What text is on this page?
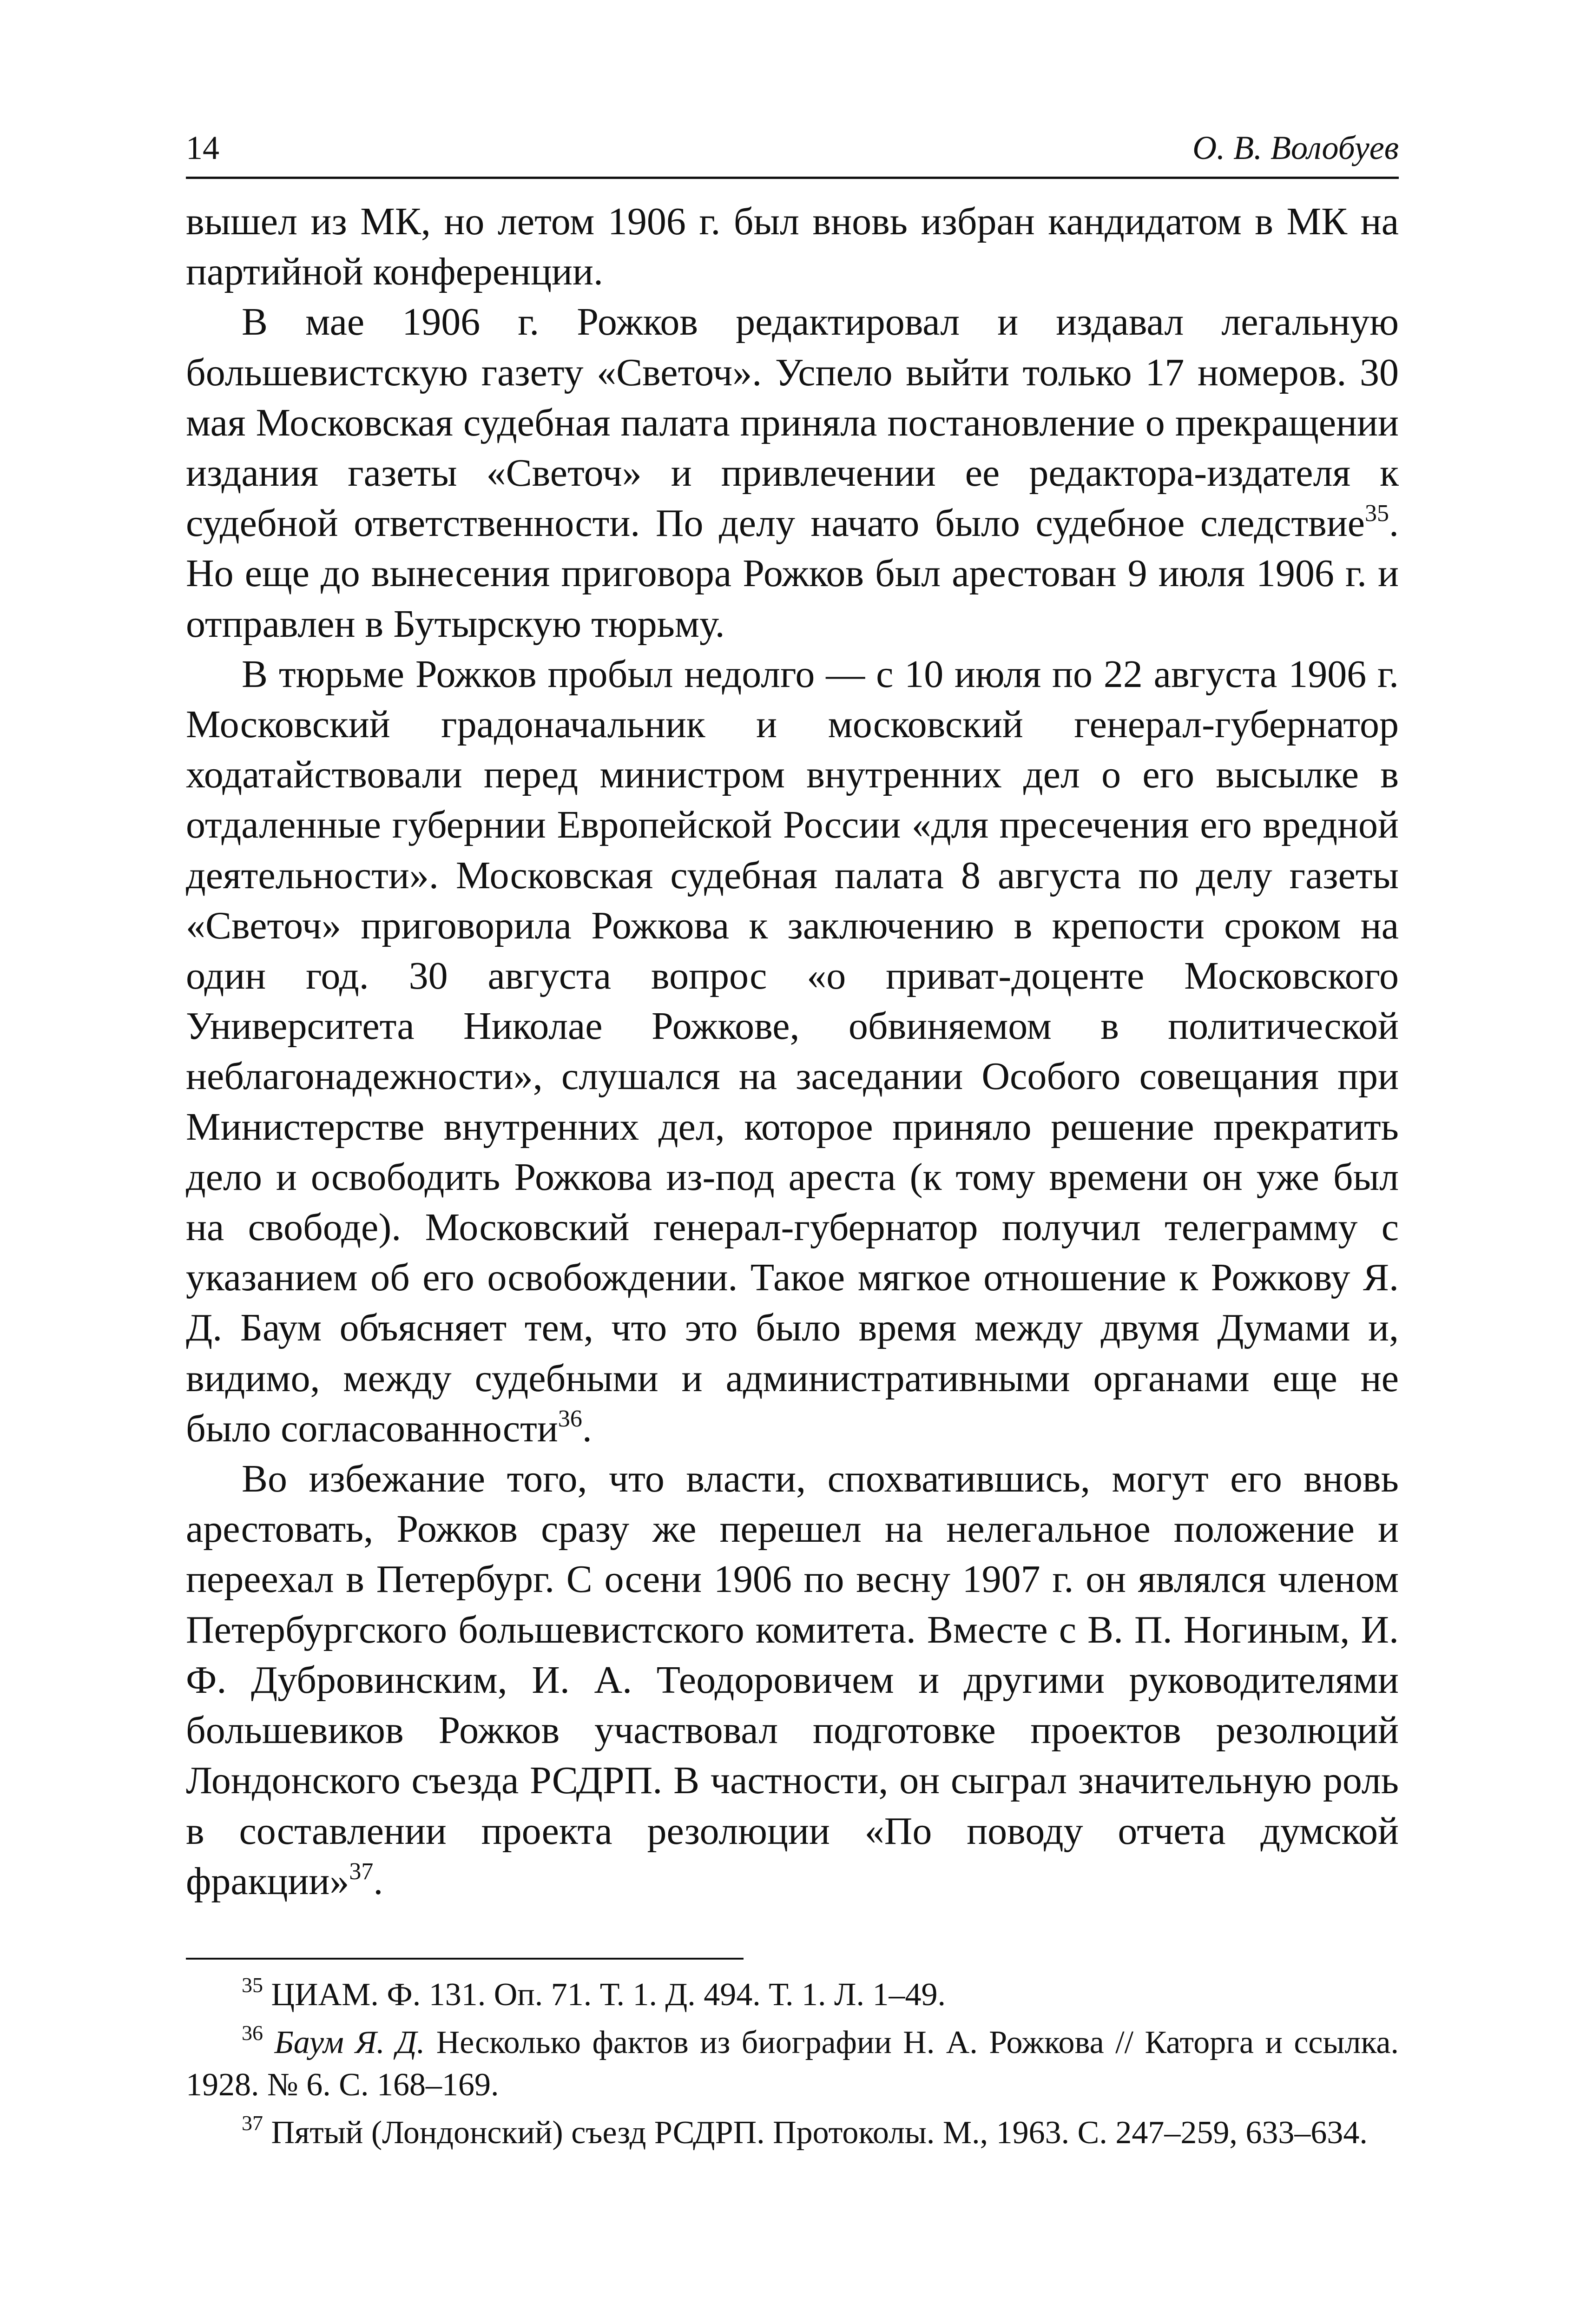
14	О. В. Волобуев

вышел из МК, но летом 1906 г. был вновь избран кандидатом в МК на партийной конференции.

В мае 1906 г. Рожков редактировал и издавал легальную большевистскую газету «Светоч». Успело выйти только 17 номеров. 30 мая Московская судебная палата приняла постановление о прекращении издания газеты «Светоч» и привлечении ее редактора-издателя к судебной ответственности. По делу начато было судебное следствие$^{35}$. Но еще до вынесения приговора Рожков был арестован 9 июля 1906 г. и отправлен в Бутырскую тюрьму.

В тюрьме Рожков пробыл недолго — с 10 июля по 22 августа 1906 г. Московский градоначальник и московский генерал-губернатор ходатайствовали перед министром внутренних дел о его высылке в отдаленные губернии Европейской России «для пресечения его вредной деятельности». Московская судебная палата 8 августа по делу газеты «Светоч» приговорила Рожкова к заключению в крепости сроком на один год. 30 августа вопрос «о приват-доценте Московского Университета Николае Рожкове, обвиняемом в политической неблагонадежности», слушался на заседании Особого совещания при Министерстве внутренних дел, которое приняло решение прекратить дело и освободить Рожкова из-под ареста (к тому времени он уже был на свободе). Московский генерал-губернатор получил телеграмму с указанием об его освобождении. Такое мягкое отношение к Рожкову Я. Д. Баум объясняет тем, что это было время между двумя Думами и, видимо, между судебными и административными органами еще не было согласованности$^{36}$.

Во избежание того, что власти, спохватившись, могут его вновь арестовать, Рожков сразу же перешел на нелегальное положение и переехал в Петербург. С осени 1906 по весну 1907 г. он являлся членом Петербургского большевистского комитета. Вместе с В. П. Ногиным, И. Ф. Дубровинским, И. А. Теодоровичем и другими руководителями большевиков Рожков участвовал подготовке проектов резолюций Лондонского съезда РСДРП. В частности, он сыграл значительную роль в составлении проекта резолюции «По поводу отчета думской фракции»$^{37}$.

$^{35}$ ЦИАМ. Ф. 131. Оп. 71. Т. 1. Д. 494. Т. 1. Л. 1–49.

$^{36}$ Баум Я. Д. Несколько фактов из биографии Н. А. Рожкова // Каторга и ссылка. 1928. № 6. С. 168–169.

$^{37}$ Пятый (Лондонский) съезд РСДРП. Протоколы. М., 1963. С. 247–259, 633–634.
